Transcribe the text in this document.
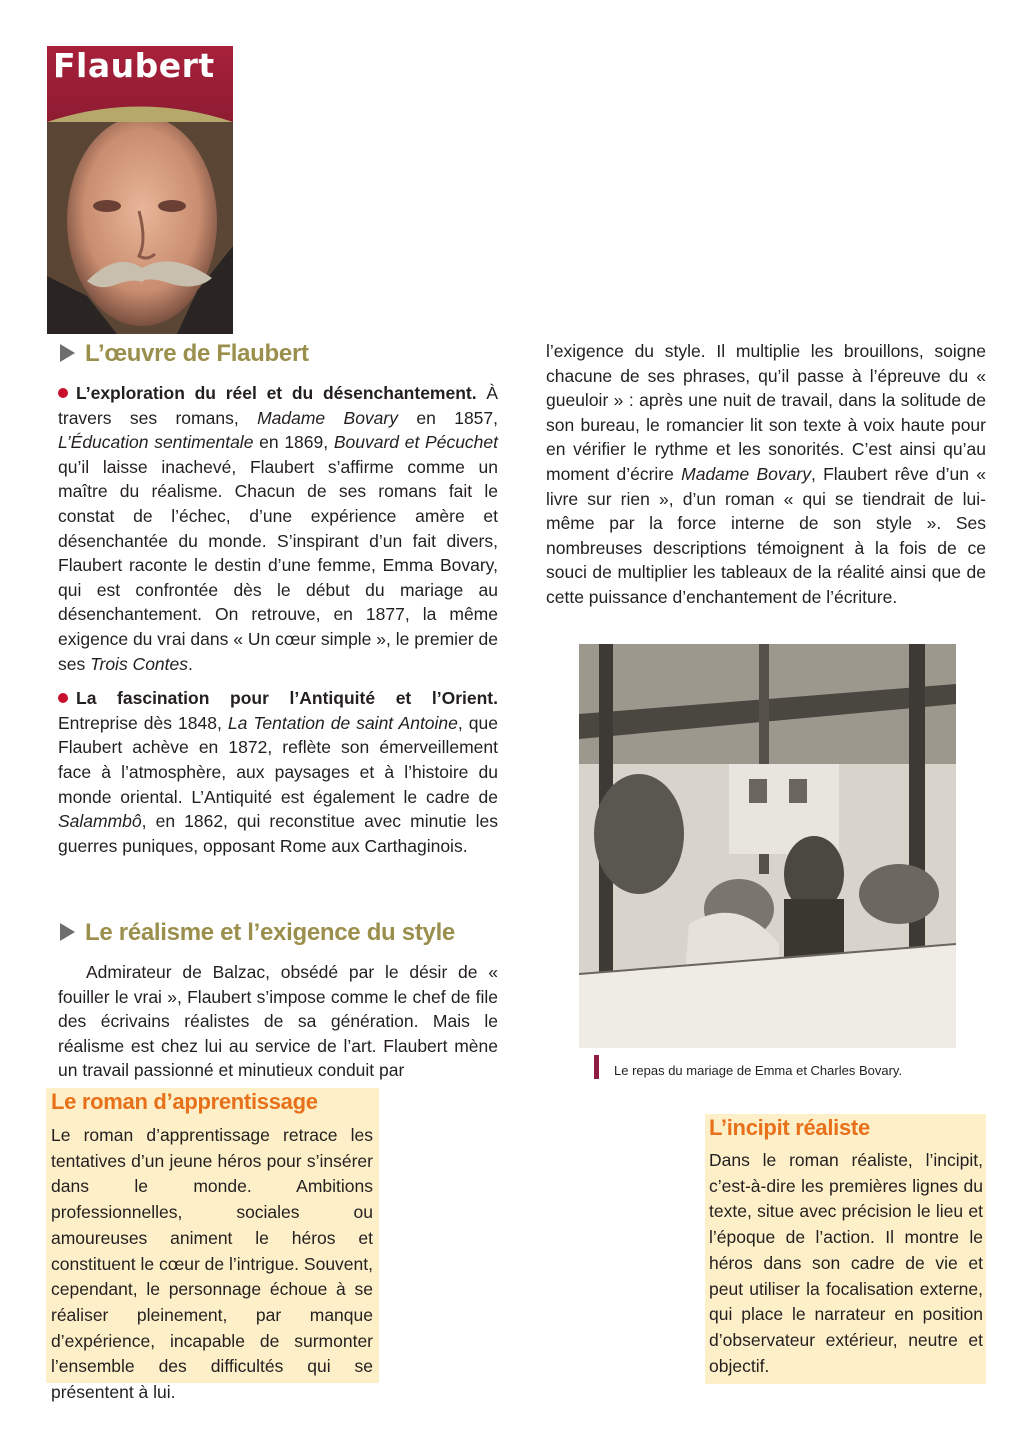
Flaubert
L’œuvre de Flaubert

L’exploration du réel et du désenchantement. À travers ses romans, Madame Bovary en 1857, L’Éducation sentimentale en 1869, Bouvard et Pécuchet qu’il laisse inachevé, Flaubert s’affirme comme un maître du réalisme. Chacun de ses romans fait le constat de l’échec, d’une expérience amère et désenchantée du monde. S’inspirant d’un fait divers, Flaubert raconte le destin d’une femme, Emma Bovary, qui est confrontée dès le début du mariage au désenchantement. On retrouve, en 1877, la même exigence du vrai dans « Un cœur simple », le premier de ses Trois Contes.

La fascination pour l’Antiquité et l’Orient. Entreprise dès 1848, La Tentation de saint Antoine, que Flaubert achève en 1872, reflète son émerveillement face à l’atmosphère, aux paysages et à l’histoire du monde oriental. L’Antiquité est également le cadre de Salammbô, en 1862, qui reconstitue avec minutie les guerres puniques, opposant Rome aux Carthaginois.

Le réalisme et l’exigence du style

Admirateur de Balzac, obsédé par le désir de « fouiller le vrai », Flaubert s’impose comme le chef de file des écrivains réalistes de sa génération. Mais le réalisme est chez lui au service de l’art. Flaubert mène un travail passionné et minutieux conduit par

l’exigence du style. Il multiplie les brouillons, soigne chacune de ses phrases, qu’il passe à l’épreuve du « gueuloir » : après une nuit de travail, dans la solitude de son bureau, le romancier lit son texte à voix haute pour en vérifier le rythme et les sonorités. C’est ainsi qu’au moment d’écrire Madame Bovary, Flaubert rêve d’un « livre sur rien », d’un roman « qui se tiendrait de lui-même par la force interne de son style ». Ses nombreuses descriptions témoignent à la fois de ce souci de multiplier les tableaux de la réalité ainsi que de cette puissance d’enchantement de l’écriture.

Le repas du mariage de Emma et Charles Bovary.
Le roman d’apprentissage
Le roman d’apprentissage retrace les tentatives d’un jeune héros pour s’insérer dans le monde. Ambitions professionnelles, sociales ou amoureuses animent le héros et constituent le cœur de l’intrigue. Souvent, cependant, le personnage échoue à se réaliser pleinement, par manque d’expérience, incapable de surmonter l’ensemble des difficultés qui se présentent à lui.
L’incipit réaliste
Dans le roman réaliste, l’incipit, c’est-à-dire les premières lignes du texte, situe avec précision le lieu et l’époque de l’action. Il montre le héros dans son cadre de vie et peut utiliser la focalisation externe, qui place le narrateur en position d’observateur extérieur, neutre et objectif.
